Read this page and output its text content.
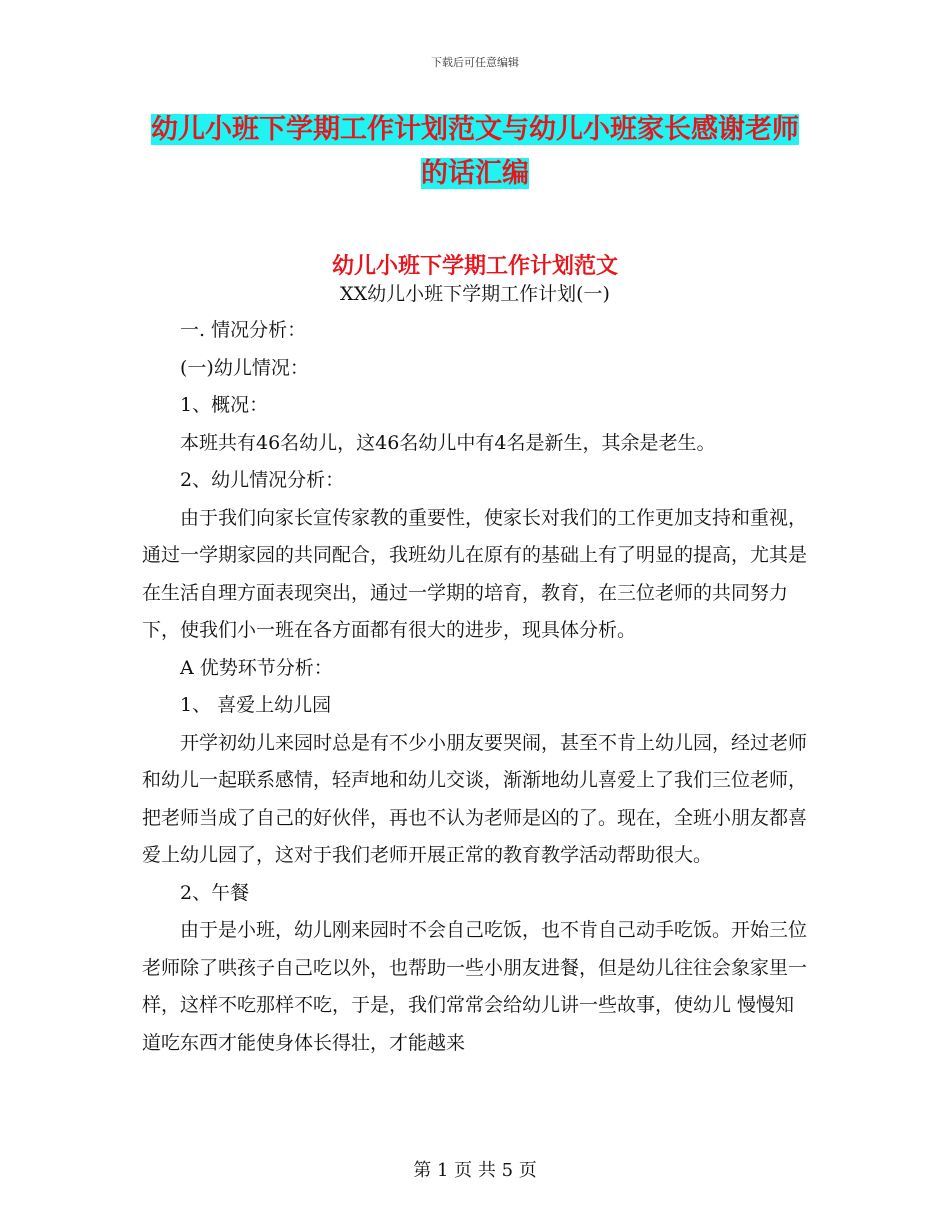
下载后可任意编辑
幼儿小班下学期工作计划范文与幼儿小班家长感谢老师的话汇编
幼儿小班下学期工作计划范文
XX幼儿小班下学期工作计划(一)

一. 情况分析：

(一)幼儿情况：

1、概况：

本班共有46名幼儿，这46名幼儿中有4名是新生，其余是老生。

2、幼儿情况分析：

由于我们向家长宣传家教的重要性，使家长对我们的工作更加支持和重视，通过一学期家园的共同配合，我班幼儿在原有的基础上有了明显的提高，尤其是在生活自理方面表现突出，通过一学期的培育，教育，在三位老师的共同努力下，使我们小一班在各方面都有很大的进步，现具体分析。

A 优势环节分析：

1、 喜爱上幼儿园

开学初幼儿来园时总是有不少小朋友要哭闹，甚至不肯上幼儿园，经过老师和幼儿一起联系感情，轻声地和幼儿交谈，渐渐地幼儿喜爱上了我们三位老师，把老师当成了自己的好伙伴，再也不认为老师是凶的了。现在，全班小朋友都喜爱上幼儿园了，这对于我们老师开展正常的教育教学活动帮助很大。

2、午餐

由于是小班，幼儿刚来园时不会自己吃饭，也不肯自己动手吃饭。开始三位老师除了哄孩子自己吃以外，也帮助一些小朋友进餐，但是幼儿往往会象家里一样，这样不吃那样不吃，于是，我们常常会给幼儿讲一些故事，使幼儿 慢慢知道吃东西才能使身体长得壮，才能越来

第 1 页 共 5 页
